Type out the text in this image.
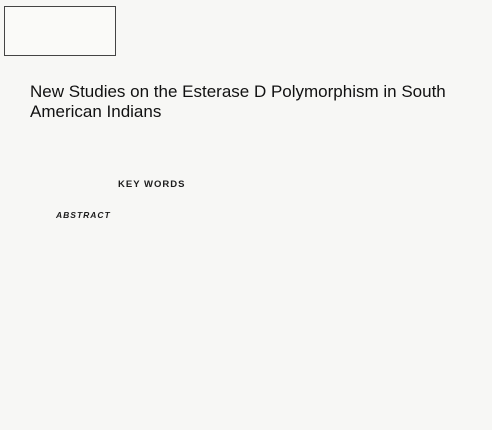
New Studies on the Esterase D Polymorphism in South American Indians
KEY WORDS
ABSTRACT
